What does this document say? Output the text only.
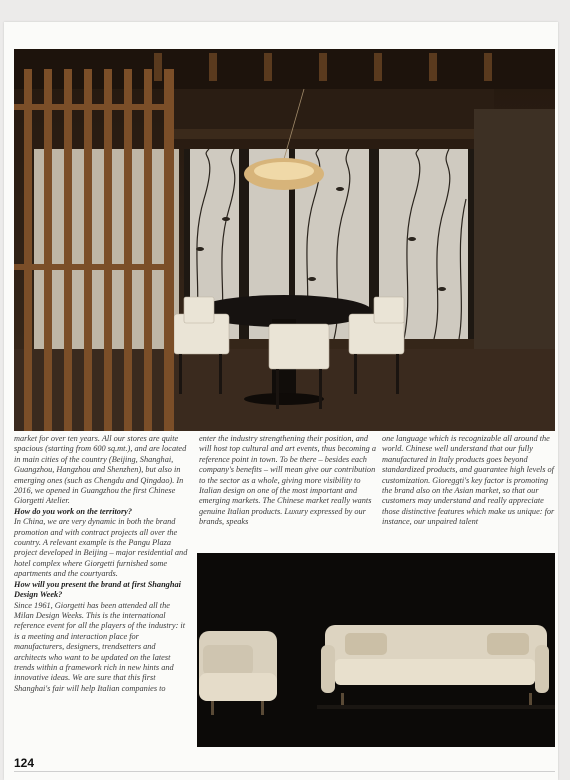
market for over ten years. All our stores are quite spacious (starting from 600 sq.mt.), and are located in main cities of the country (Beijing, Shanghai, Guangzhou, Hangzhou and Shenzhen), but also in emerging ones (such as Chengdu and Qingdao). In 2016, we opened in Guangzhou the first Chinese Giorgetti Atelier.

How do you work on the territory?

In China, we are very dynamic in both the brand promotion and with contract projects all over the country. A relevant example is the Pangu Plaza project developed in Beijing – major residential and hotel complex where Giorgetti furnished some apartments and the courtyards.

How will you present the brand at first Shanghai Design Week?

Since 1961, Giorgetti has been attended all the Milan Design Weeks. This is the international reference event for all the players of the industry: it is a meeting and interaction place for manufacturers, designers, trendsetters and architects who want to be updated on the latest trends within a framework rich in new hints and innovative ideas. We are sure that this first Shanghai's fair will help Italian companies to

enter the industry strengthening their position, and will host top cultural and art events, thus becoming a reference point in town. To be there – besides each company's benefits – will mean give our contribution to the sector as a whole, giving more visibility to Italian design on one of the most important and emerging markets. The Chinese market really wants genuine Italian products. Luxury expressed by our brands, speaks

one language which is recognizable all around the world. Chinese well understand that our fully manufactured in Italy products goes beyond standardized products, and guarantee high levels of customization. Gioreggti's key factor is promoting the brand also on the Asian market, so that our customers may understand and really appreciate those distinctive features which make us unique: for instance, our unpaired talent

124
